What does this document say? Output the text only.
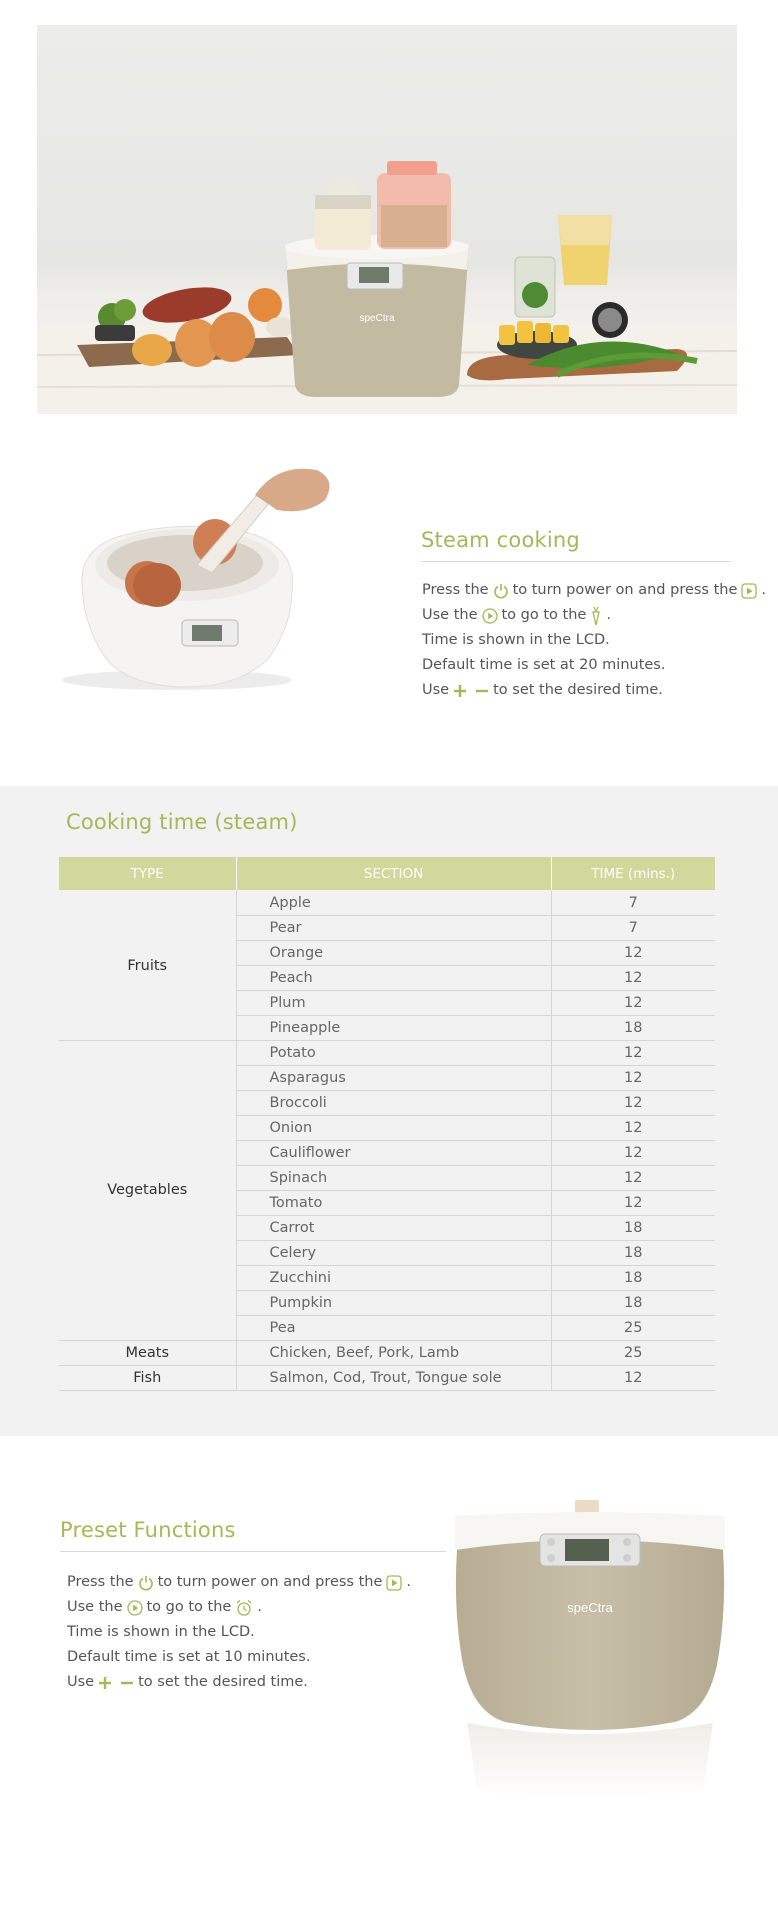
speCtra
Steam cooking
Press the to turn power on and press the .
Use the to go to the .
Time is shown in the LCD.
Default time is set at 20 minutes.
Use	to set the desired time.
Cooking time (steam)
TYPE	SECTION	TIME (mins.)
Fruits	Apple	7
	Pear	7
	Orange	12
	Peach	12
	Plum	12
	Pineapple	18
Vegetables	Potato	12
	Asparagus	12
	Broccoli	12
	Onion	12
	Cauliflower	12
	Spinach	12
	Tomato	12
	Carrot	18
	Celery	18
	Zucchini	18
	Pumpkin	18
	Pea	25
Meats	Chicken, Beef, Pork, Lamb	25
Fish	Salmon, Cod, Trout, Tongue sole	12
Preset Functions
Press the to turn power on and press the .
Use the to go to the .
Time is shown in the LCD.
Default time is set at 10 minutes.
Use	to set the desired time.
speCtra
